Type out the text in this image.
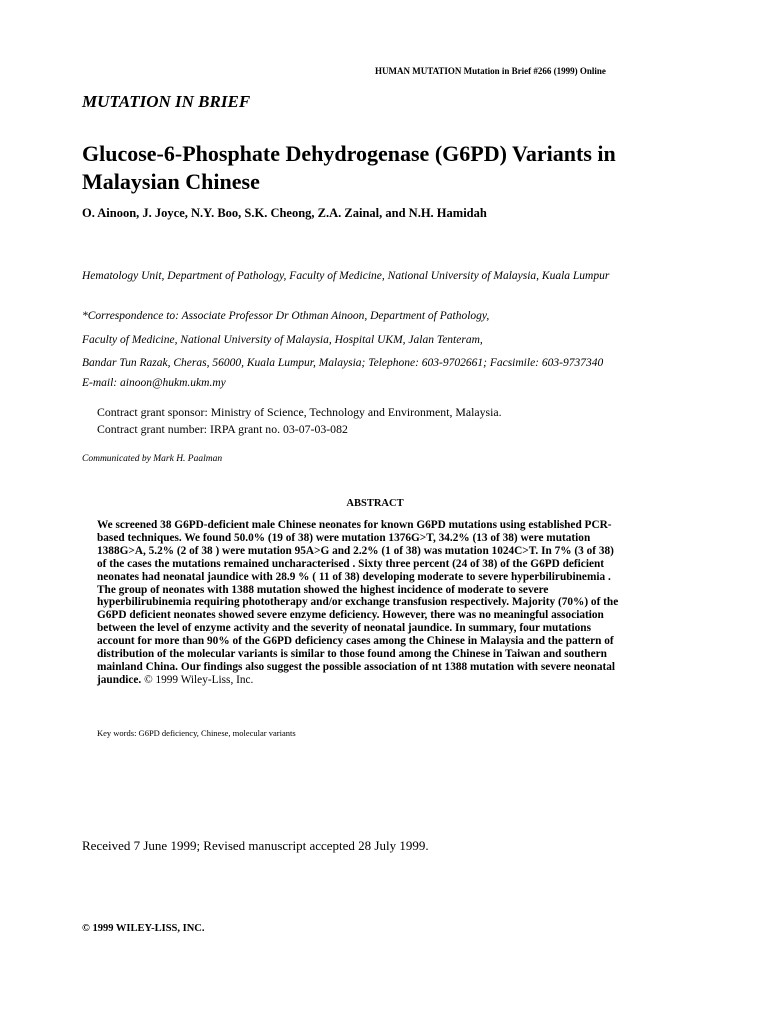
HUMAN MUTATION Mutation in Brief #266 (1999) Online
MUTATION IN BRIEF
Glucose-6-Phosphate Dehydrogenase (G6PD) Variants in Malaysian Chinese
O. Ainoon, J. Joyce, N.Y. Boo, S.K. Cheong, Z.A. Zainal, and N.H. Hamidah
Hematology Unit, Department of Pathology, Faculty of Medicine, National University of Malaysia, Kuala Lumpur
*Correspondence to: Associate Professor Dr Othman Ainoon, Department of Pathology,
Faculty of Medicine, National University of Malaysia, Hospital UKM, Jalan Tenteram,
Bandar Tun Razak, Cheras, 56000, Kuala Lumpur, Malaysia; Telephone: 603-9702661; Facsimile: 603-9737340
E-mail: ainoon@hukm.ukm.my
Contract grant sponsor: Ministry of Science, Technology and Environment, Malaysia.
Contract grant number: IRPA grant no. 03-07-03-082
Communicated by Mark H. Paalman
ABSTRACT
We screened 38 G6PD-deficient male Chinese neonates for known G6PD mutations using established PCR-based techniques. We found 50.0% (19 of 38) were mutation 1376G>T, 34.2% (13 of 38) were mutation 1388G>A, 5.2% (2 of 38 ) were mutation 95A>G and 2.2% (1 of 38) was mutation 1024C>T. In 7% (3 of 38) of the cases the mutations remained uncharacterised . Sixty three percent (24 of 38) of the G6PD deficient neonates had neonatal jaundice with 28.9 % ( 11 of 38) developing moderate to severe hyperbilirubinemia . The group of neonates with 1388 mutation showed the highest incidence of moderate to severe hyperbilirubinemia requiring phototherapy and/or exchange transfusion respectively. Majority (70%) of the G6PD deficient neonates showed severe enzyme deficiency. However, there was no meaningful association between the level of enzyme activity and the severity of neonatal jaundice. In summary, four mutations account for more than 90% of the G6PD deficiency cases among the Chinese in Malaysia and the pattern of distribution of the molecular variants is similar to those found among the Chinese in Taiwan and southern mainland China. Our findings also suggest the possible association of nt 1388 mutation with severe neonatal jaundice. © 1999 Wiley-Liss, Inc.
Key words: G6PD deficiency, Chinese, molecular variants
Received 7 June 1999; Revised manuscript accepted 28 July 1999.
© 1999 WILEY-LISS, INC.
